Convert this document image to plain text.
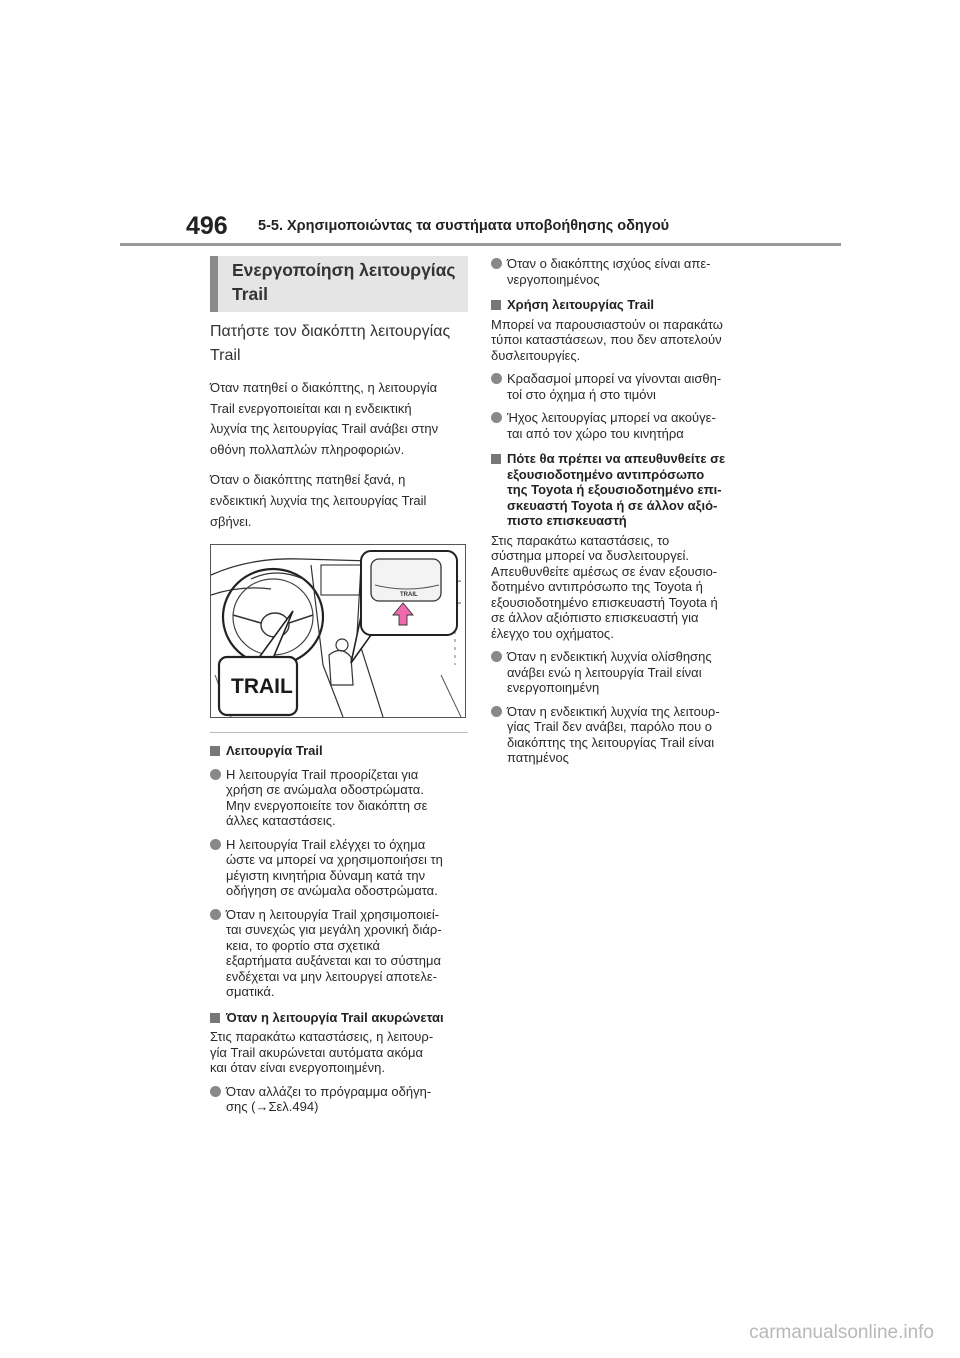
496 5-5. Χρησιμοποιώντας τα συστήματα υποβοήθησης οδηγού
Ενεργοποίηση λειτουργίας
Trail
Πατήστε τον διακόπτη λειτουργίας
Trail
Όταν πατηθεί ο διακόπτης, η λειτουργία
Trail ενεργοποιείται και η ενδεικτική
λυχνία της λειτουργίας Trail ανάβει στην
οθόνη πολλαπλών πληροφοριών.
Όταν ο διακόπτης πατηθεί ξανά, η
ενδεικτική λυχνία της λειτουργίας Trail
σβήνει.
TRAIL
TRAIL
Λειτουργία Trail
Η λειτουργία Trail προορίζεται για
χρήση σε ανώμαλα οδοστρώματα.
Μην ενεργοποιείτε τον διακόπτη σε
άλλες καταστάσεις.
Η λειτουργία Trail ελέγχει το όχημα
ώστε να μπορεί να χρησιμοποιήσει τη
μέγιστη κινητήρια δύναμη κατά την
οδήγηση σε ανώμαλα οδοστρώματα.
Όταν η λειτουργία Trail χρησιμοποιεί-
ται συνεχώς για μεγάλη χρονική διάρ-
κεια, το φορτίο στα σχετικά
εξαρτήματα αυξάνεται και το σύστημα
ενδέχεται να μην λειτουργεί αποτελε-
σματικά.
Όταν η λειτουργία Trail ακυρώνεται
Στις παρακάτω καταστάσεις, η λειτουρ-
γία Trail ακυρώνεται αυτόματα ακόμα
και όταν είναι ενεργοποιημένη.
Όταν αλλάζει το πρόγραμμα οδήγη-
σης (→Σελ.494)
Όταν ο διακόπτης ισχύος είναι απε-
νεργοποιημένος
Χρήση λειτουργίας Trail
Μπορεί να παρουσιαστούν οι παρακάτω
τύποι καταστάσεων, που δεν αποτελούν
δυσλειτουργίες.
Κραδασμοί μπορεί να γίνονται αισθη-
τοί στο όχημα ή στο τιμόνι
Ήχος λειτουργίας μπορεί να ακούγε-
ται από τον χώρο του κινητήρα
Πότε θα πρέπει να απευθυνθείτε σε
εξουσιοδοτημένο αντιπρόσωπο
της Toyota ή εξουσιοδοτημένο επι-
σκευαστή Toyota ή σε άλλον αξιό-
πιστο επισκευαστή
Στις παρακάτω καταστάσεις, το
σύστημα μπορεί να δυσλειτουργεί.
Απευθυνθείτε αμέσως σε έναν εξουσιο-
δοτημένο αντιπρόσωπο της Toyota ή
εξουσιοδοτημένο επισκευαστή Toyota ή
σε άλλον αξιόπιστο επισκευαστή για
έλεγχο του οχήματος.
Όταν η ενδεικτική λυχνία ολίσθησης
ανάβει ενώ η λειτουργία Trail είναι
ενεργοποιημένη
Όταν η ενδεικτική λυχνία της λειτουρ-
γίας Trail δεν ανάβει, παρόλο που ο
διακόπτης της λειτουργίας Trail είναι
πατημένος
carmanualsonline.info
